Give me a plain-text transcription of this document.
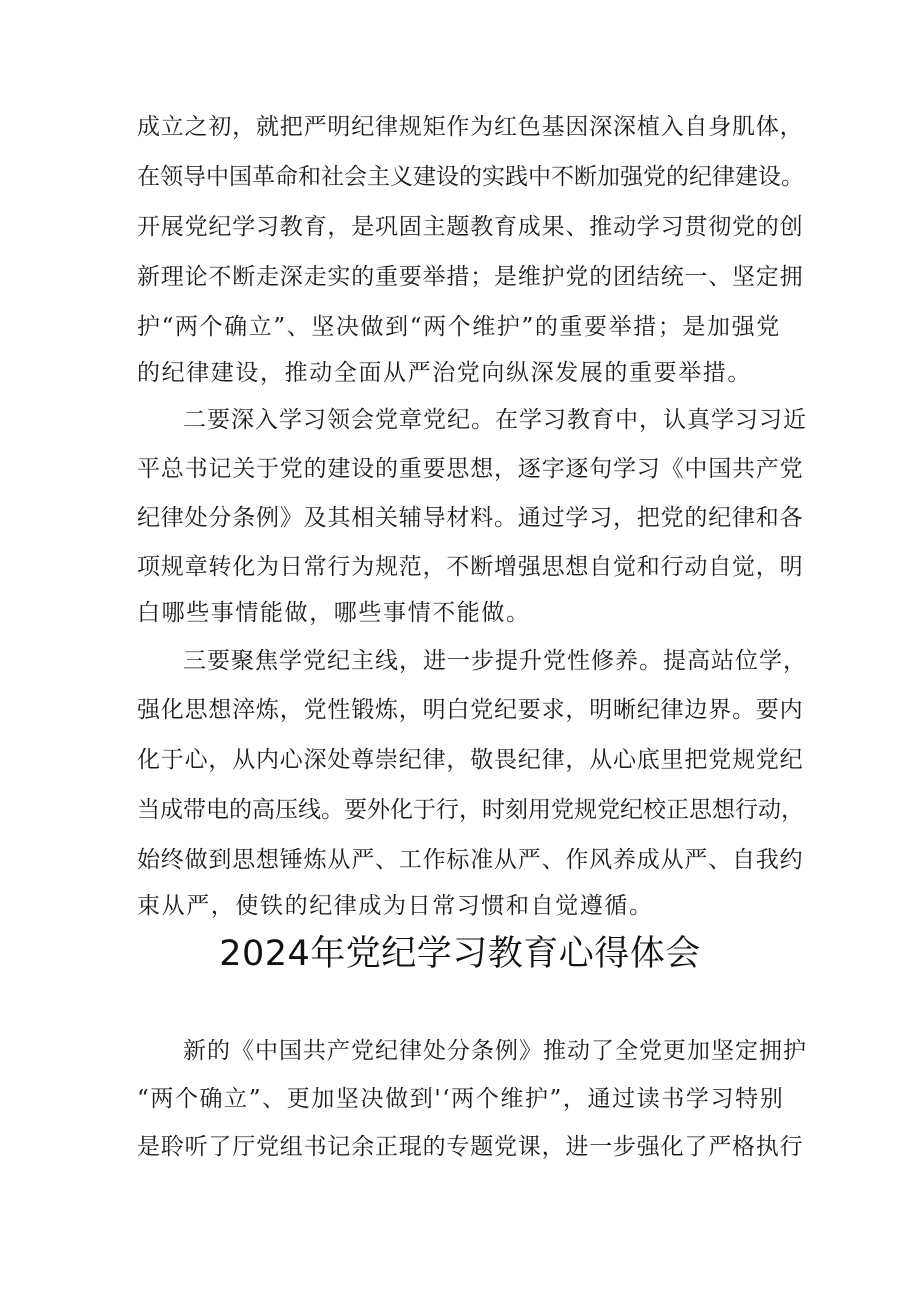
成立之初，就把严明纪律规矩作为红色基因深深植入自身肌体，
在领导中国革命和社会主义建设的实践中不断加强党的纪律建设。
开展党纪学习教育，是巩固主题教育成果、推动学习贯彻党的创
新理论不断走深走实的重要举措；是维护党的团结统一、坚定拥
护“两个确立”、坚决做到“两个维护”的重要举措；是加强党
的纪律建设，推动全面从严治党向纵深发展的重要举措。
二要深入学习领会党章党纪。在学习教育中，认真学习习近
平总书记关于党的建设的重要思想，逐字逐句学习《中国共产党
纪律处分条例》及其相关辅导材料。通过学习，把党的纪律和各
项规章转化为日常行为规范，不断增强思想自觉和行动自觉，明
白哪些事情能做，哪些事情不能做。
三要聚焦学党纪主线，进一步提升党性修养。提高站位学，
强化思想淬炼，党性锻炼，明白党纪要求，明晰纪律边界。要内
化于心，从内心深处尊崇纪律，敬畏纪律，从心底里把党规党纪
当成带电的高压线。要外化于行，时刻用党规党纪校正思想行动，
始终做到思想锤炼从严、工作标准从严、作风养成从严、自我约
束从严，使铁的纪律成为日常习惯和自觉遵循。
2024年党纪学习教育心得体会
新的《中国共产党纪律处分条例》推动了全党更加坚定拥护
“两个确立”、更加坚决做到'‘两个维护”，通过读书学习特别
是聆听了厅党组书记余正琨的专题党课，进一步强化了严格执行
